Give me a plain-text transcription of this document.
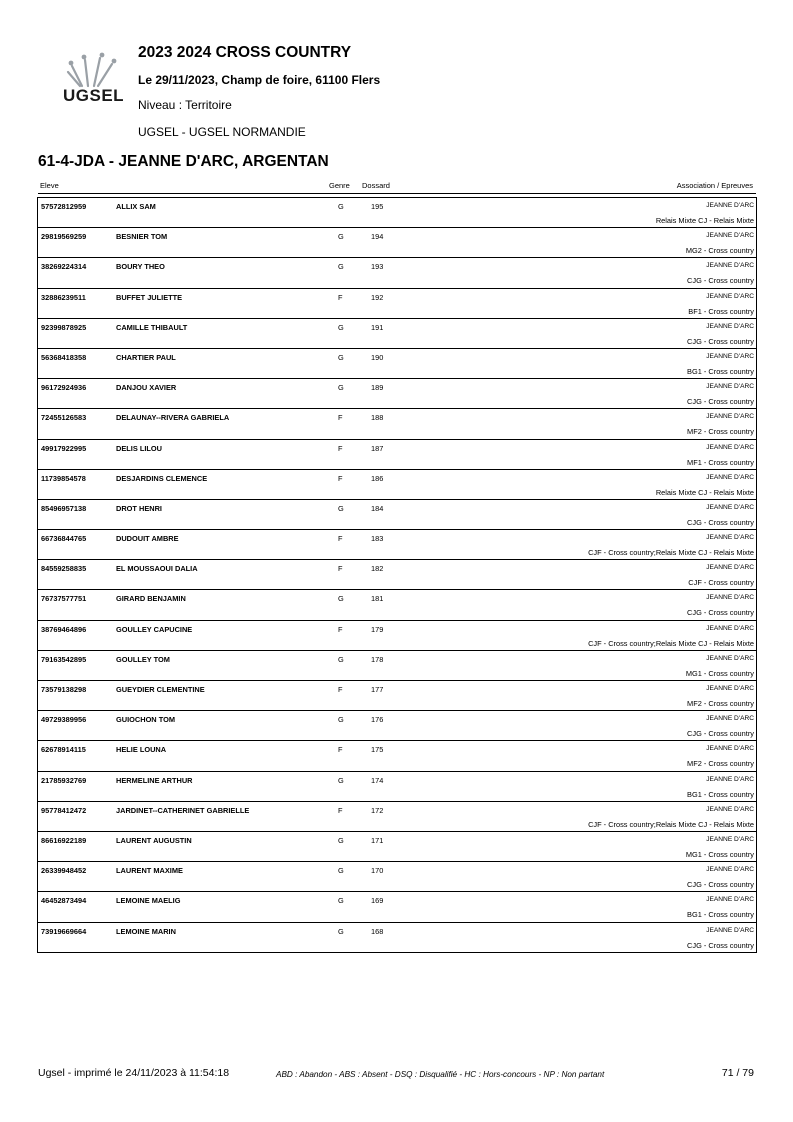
UGSEL
2023 2024 CROSS COUNTRY
Le 29/11/2023, Champ de foire, 61100 Flers
Niveau : Territoire
UGSEL - UGSEL NORMANDIE
61-4-JDA - JEANNE D'ARC, ARGENTAN
Eleve	Genre Dossard	Association / Epreuves
57572812959	ALLIX SAM	G	195	JEANNE D'ARC
Relais Mixte CJ - Relais Mixte
29819569259	BESNIER TOM	G	194	JEANNE D'ARC
MG2 - Cross country
38269224314	BOURY THEO	G	193	JEANNE D'ARC
CJG - Cross country
32886239511	BUFFET JULIETTE	F	192	JEANNE D'ARC
BF1 - Cross country
92399878925	CAMILLE THIBAULT	G	191	JEANNE D'ARC
CJG - Cross country
56368418358	CHARTIER PAUL	G	190	JEANNE D'ARC
BG1 - Cross country
96172924936	DANJOU XAVIER	G	189	JEANNE D'ARC
CJG - Cross country
72455126583	DELAUNAY--RIVERA GABRIELA	F	188	JEANNE D'ARC
MF2 - Cross country
49917922995	DELIS LILOU	F	187	JEANNE D'ARC
MF1 - Cross country
11739854578	DESJARDINS CLEMENCE	F	186	JEANNE D'ARC
Relais Mixte CJ - Relais Mixte
85496957138	DROT HENRI	G	184	JEANNE D'ARC
CJG - Cross country
66736844765	DUDOUIT AMBRE	F	183	JEANNE D'ARC
CJF - Cross country;Relais Mixte CJ - Relais Mixte
84559258835	EL MOUSSAOUI DALIA	F	182	JEANNE D'ARC
CJF - Cross country
76737577751	GIRARD BENJAMIN	G	181	JEANNE D'ARC
CJG - Cross country
38769464896	GOULLEY CAPUCINE	F	179	JEANNE D'ARC
CJF - Cross country;Relais Mixte CJ - Relais Mixte
79163542895	GOULLEY TOM	G	178	JEANNE D'ARC
MG1 - Cross country
73579138298	GUEYDIER CLEMENTINE	F	177	JEANNE D'ARC
MF2 - Cross country
49729389956	GUIOCHON TOM	G	176	JEANNE D'ARC
CJG - Cross country
62678914115	HELIE LOUNA	F	175	JEANNE D'ARC
MF2 - Cross country
21785932769	HERMELINE ARTHUR	G	174	JEANNE D'ARC
BG1 - Cross country
95778412472	JARDINET--CATHERINET GABRIELLE	F	172	JEANNE D'ARC
CJF - Cross country;Relais Mixte CJ - Relais Mixte
86616922189	LAURENT AUGUSTIN	G	171	JEANNE D'ARC
MG1 - Cross country
26339948452	LAURENT MAXIME	G	170	JEANNE D'ARC
CJG - Cross country
46452873494	LEMOINE MAELIG	G	169	JEANNE D'ARC
BG1 - Cross country
73919669664	LEMOINE MARIN	G	168	JEANNE D'ARC
CJG - Cross country
Ugsel - imprimé le 24/11/2023 à 11:54:18	ABD : Abandon - ABS : Absent - DSQ : Disqualifié - HC : Hors-concours - NP : Non partant	71 / 79
